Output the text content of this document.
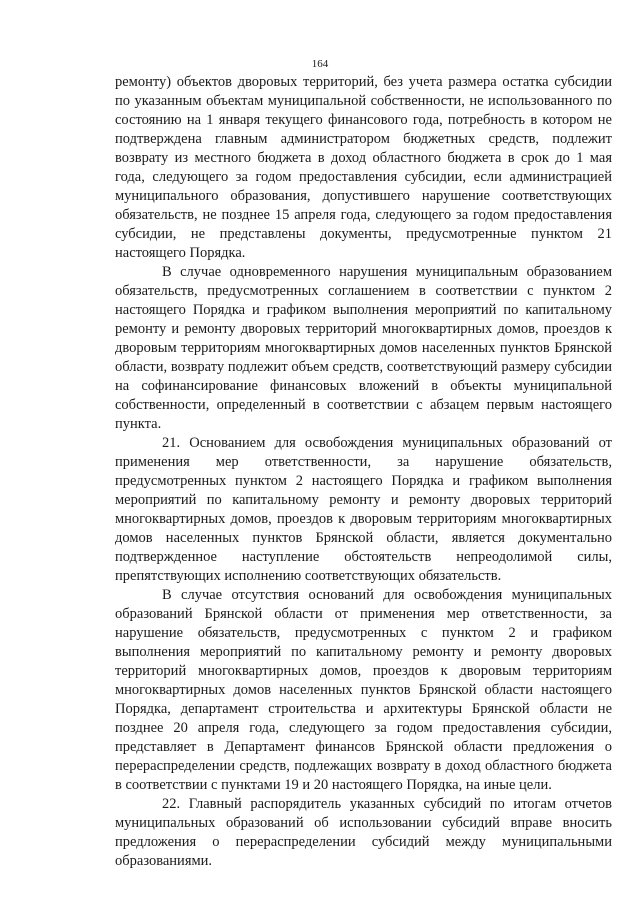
164

ремонту) объектов дворовых территорий, без учета размера остатка субсидии по указанным объектам муниципальной собственности, не использованного по состоянию на 1 января текущего финансового года, потребность в котором не подтверждена главным администратором бюджетных средств, подлежит возврату из местного бюджета в доход областного бюджета в срок до 1 мая года, следующего за годом предоставления субсидии, если администрацией муниципального образования, допустившего нарушение соответствующих обязательств, не позднее 15 апреля года, следующего за годом предоставления субсидии, не представлены документы, предусмотренные пунктом 21 настоящего Порядка.

В случае одновременного нарушения муниципальным образованием обязательств, предусмотренных соглашением в соответствии с пунктом 2 настоящего Порядка и графиком выполнения мероприятий по капитальному ремонту и ремонту дворовых территорий многоквартирных домов, проездов к дворовым территориям многоквартирных домов населенных пунктов Брянской области, возврату подлежит объем средств, соответствующий размеру субсидии на софинансирование финансовых вложений в объекты муниципальной собственности, определенный в соответствии с абзацем первым настоящего пункта.

21. Основанием для освобождения муниципальных образований от применения мер ответственности, за нарушение обязательств, предусмотренных пунктом 2 настоящего Порядка и графиком выполнения мероприятий по капитальному ремонту и ремонту дворовых территорий многоквартирных домов, проездов к дворовым территориям многоквартирных домов населенных пунктов Брянской области, является документально подтвержденное наступление обстоятельств непреодолимой силы, препятствующих исполнению соответствующих обязательств.

В случае отсутствия оснований для освобождения муниципальных образований Брянской области от применения мер ответственности, за нарушение обязательств, предусмотренных с пунктом 2 и графиком выполнения мероприятий по капитальному ремонту и ремонту дворовых территорий многоквартирных домов, проездов к дворовым территориям многоквартирных домов населенных пунктов Брянской области настоящего Порядка, департамент строительства и архитектуры Брянской области не позднее 20 апреля года, следующего за годом предоставления субсидии, представляет в Департамент финансов Брянской области предложения о перераспределении средств, подлежащих возврату в доход областного бюджета в соответствии с пунктами 19 и 20 настоящего Порядка, на иные цели.

22. Главный распорядитель указанных субсидий по итогам отчетов муниципальных образований об использовании субсидий вправе вносить предложения о перераспределении субсидий между муниципальными образованиями.
